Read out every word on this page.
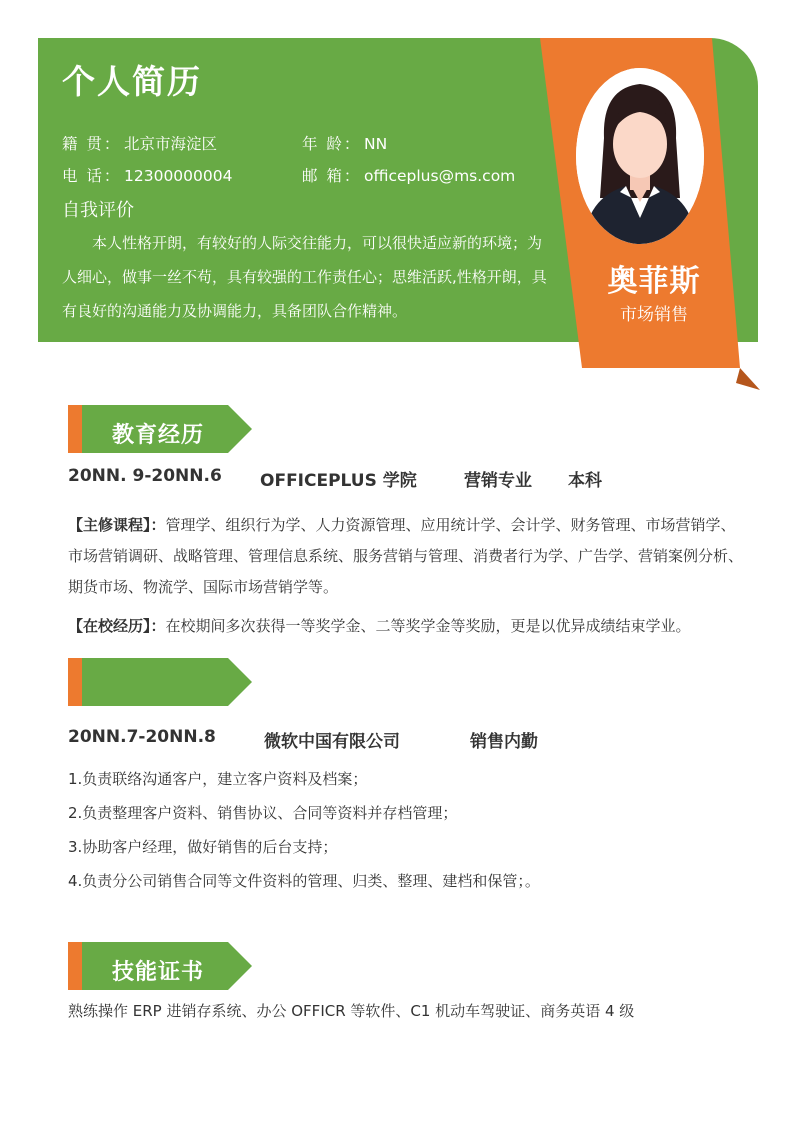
个人简历
籍 贯： 北京市海淀区	年 龄： NN
电 话： 12300000004	邮 箱： officeplus@ms.com
自我评价
本人性格开朗，有较好的人际交往能力，可以很快适应新的环境；为人细心，做事一丝不苟，具有较强的工作责任心；思维活跃,性格开朗，具有良好的沟通能力及协调能力，具备团队合作精神。
奥菲斯
市场销售
教育经历
20NN. 9-20NN.6 OFFICEPLUS 学院	营销专业 本科
【主修课程】：管理学、组织行为学、人力资源管理、应用统计学、会计学、财务管理、市场营销学、市场营销调研、战略管理、管理信息系统、服务营销与管理、消费者行为学、广告学、营销案例分析、期货市场、物流学、国际市场营销学等。
【在校经历】：在校期间多次获得一等奖学金、二等奖学金等奖励，更是以优异成绩结束学业。
20NN.7-20NN.8	微软中国有限公司	销售内勤
1.负责联络沟通客户，建立客户资料及档案；
2.负责整理客户资料、销售协议、合同等资料并存档管理；
3.协助客户经理，做好销售的后台支持；
4.负责分公司销售合同等文件资料的管理、归类、整理、建档和保管；。
技能证书
熟练操作 ERP 进销存系统、办公 OFFICR 等软件、C1 机动车驾驶证、商务英语 4 级
